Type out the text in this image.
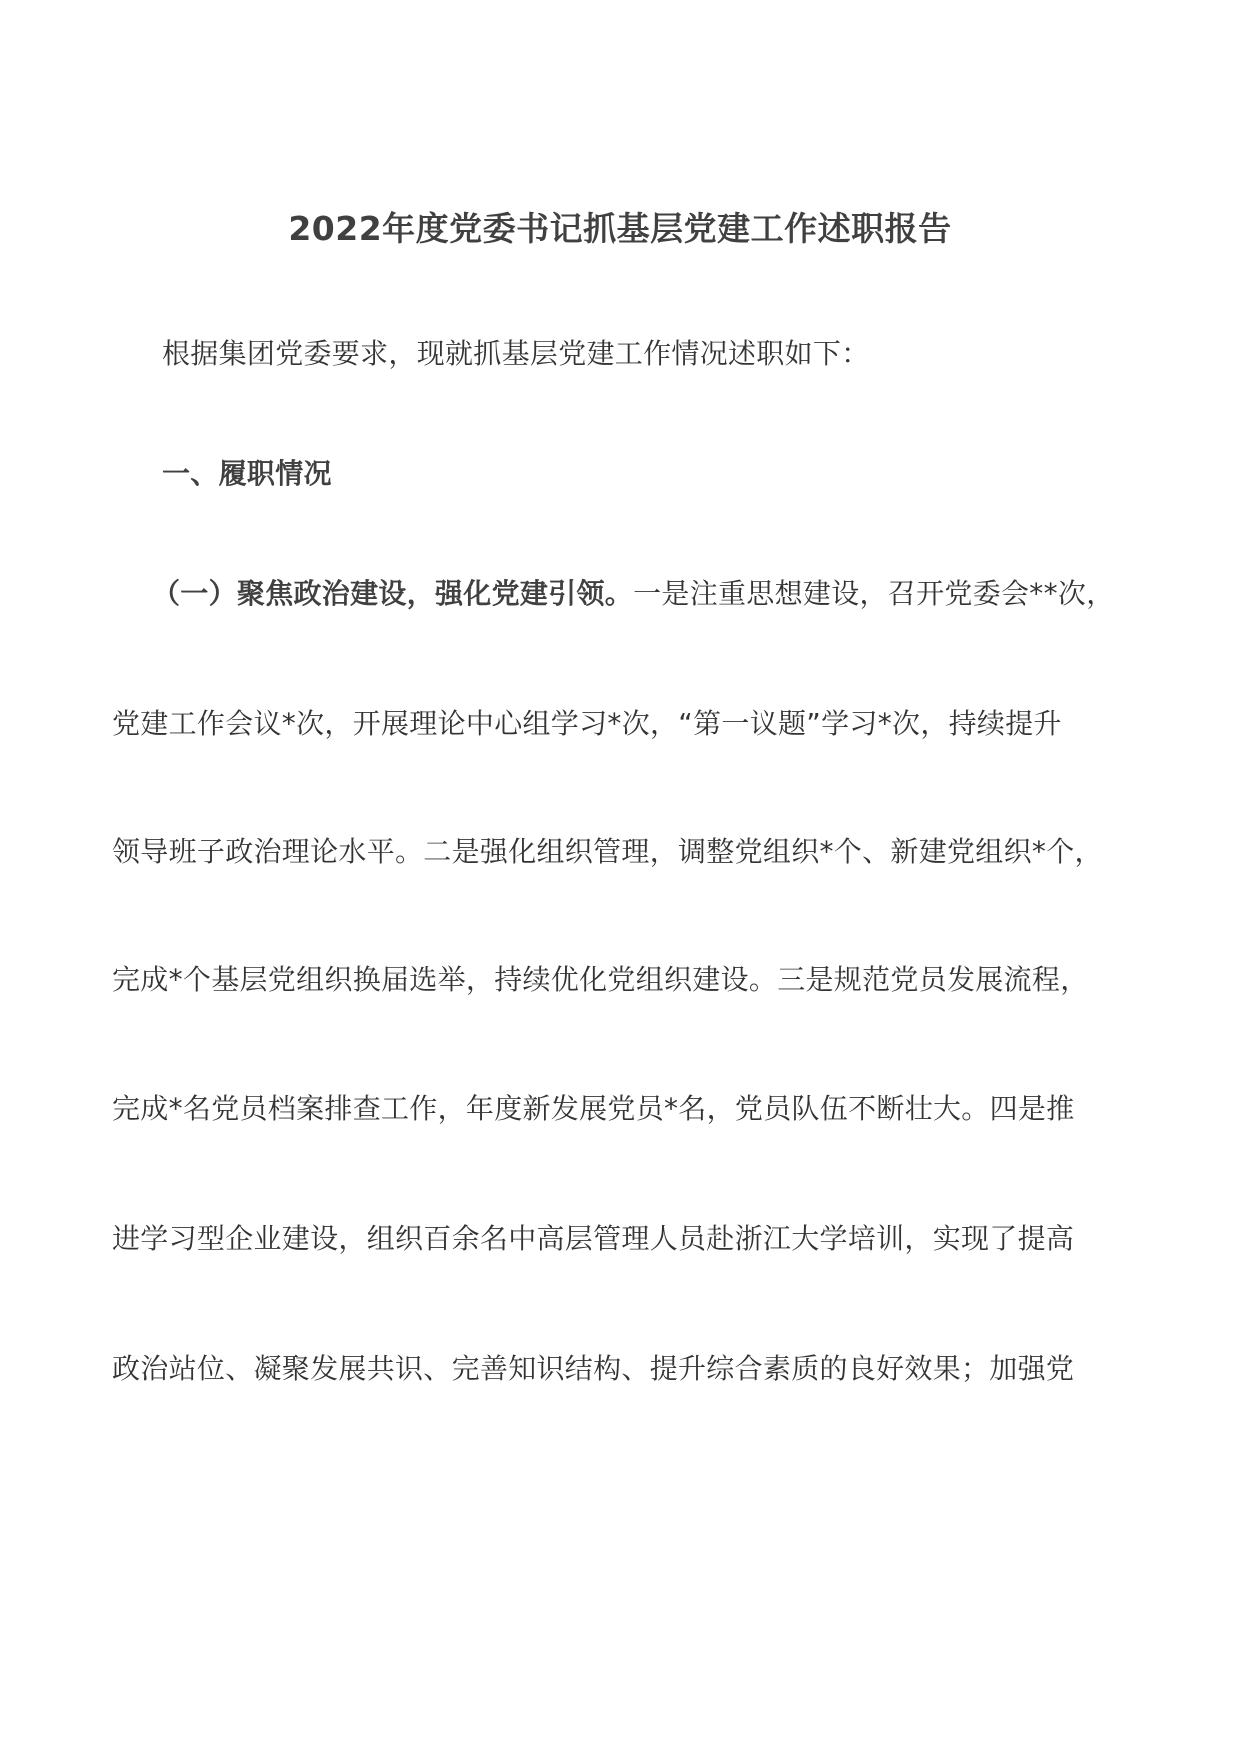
2022年度党委书记抓基层党建工作述职报告
根据集团党委要求，现就抓基层党建工作情况述职如下：
一、履职情况
（一）聚焦政治建设，强化党建引领。一是注重思想建设，召开党委会**次，
党建工作会议*次，开展理论中心组学习*次，“第一议题”学习*次，持续提升
领导班子政治理论水平。二是强化组织管理，调整党组织*个、新建党组织*个，
完成*个基层党组织换届选举，持续优化党组织建设。三是规范党员发展流程，
完成*名党员档案排查工作，年度新发展党员*名，党员队伍不断壮大。四是推
进学习型企业建设，组织百余名中高层管理人员赴浙江大学培训，实现了提高
政治站位、凝聚发展共识、完善知识结构、提升综合素质的良好效果；加强党
